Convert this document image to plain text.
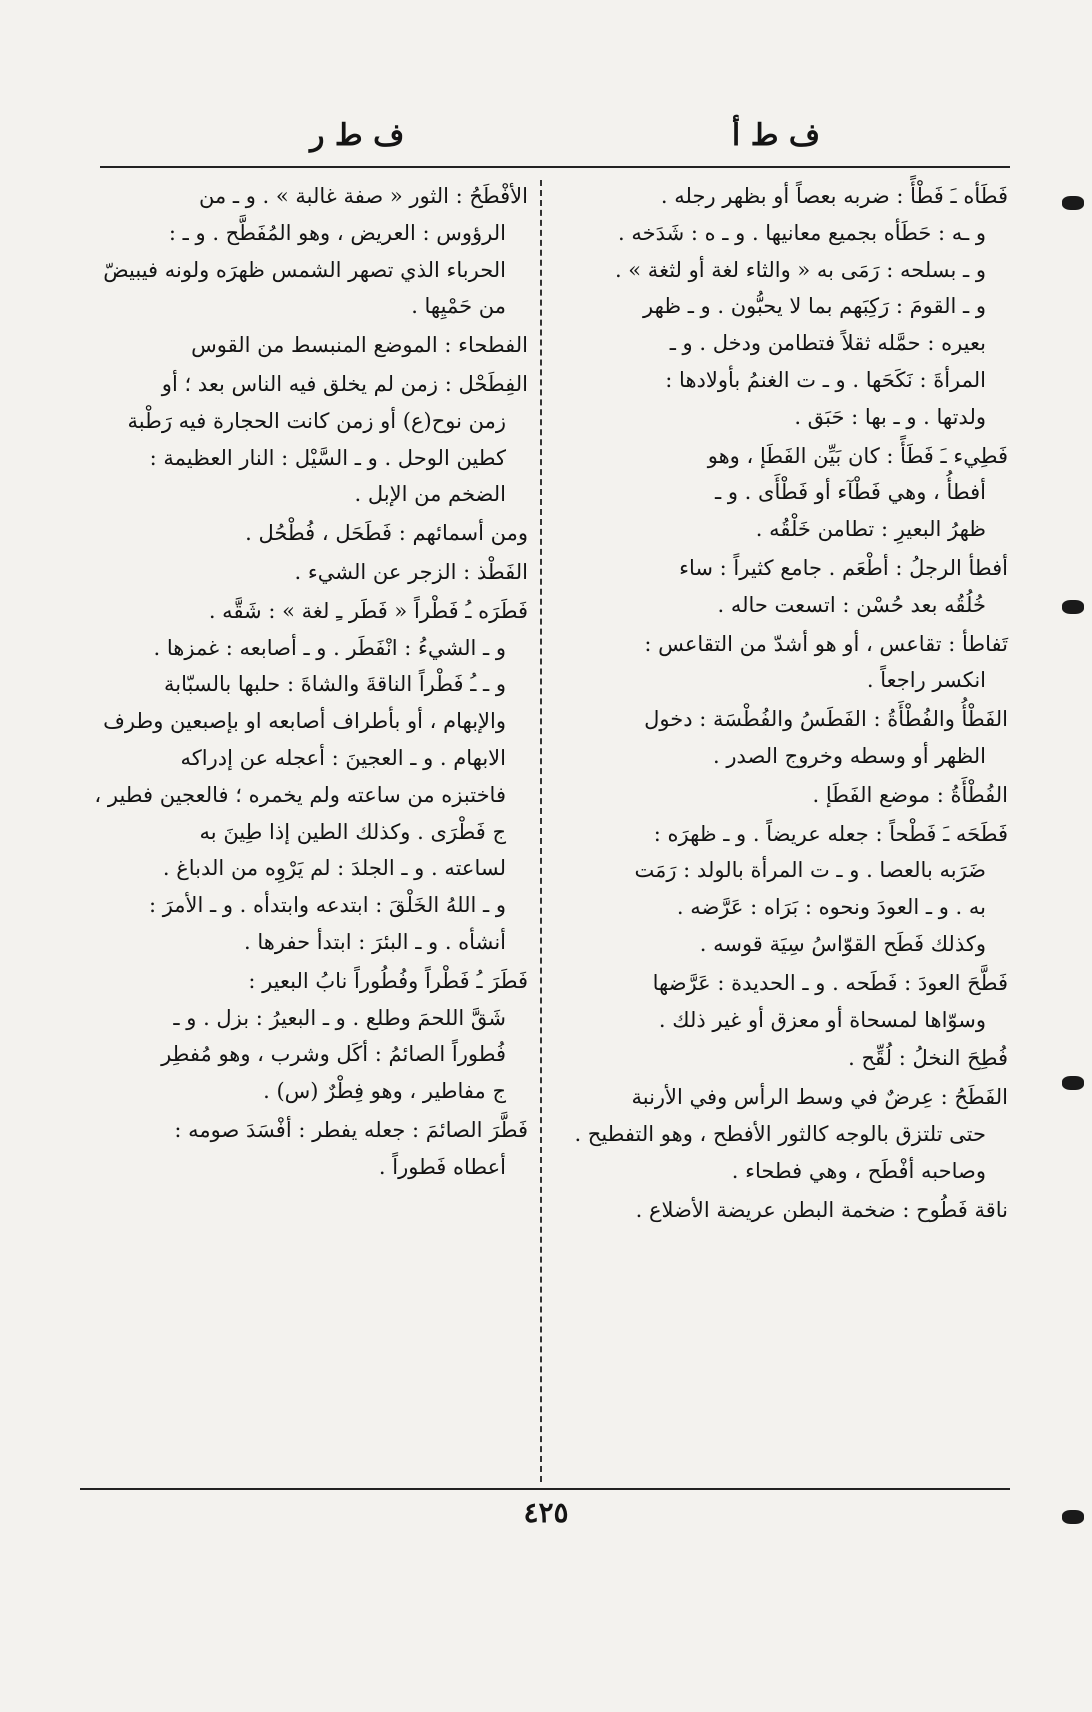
ف ط أ
ف ط ر
فَطَأه ـَ فَطْأً : ضربه بعصاً أو بظهر رجله .
و ـه : حَطَأه بجميع معانيها . و ـ ه : شَدَخه .
و ـ بسلحه : رَمَى به « والثاء لغة أو لثغة » .
و ـ القومَ : رَكِبَهم بما لا يحبُّون . و ـ ظهر
بعيره : حمَّله ثقلاً فتطامن ودخل . و ـ
المرأةَ : نَكَحَها . و ـ ت الغنمُ بأولادها :
ولدتها . و ـ بها : حَبَق .
فَطِيء ـَ فَطَأً : كان بَيِّن الفَطَإ ، وهو
أفطأُ ، وهي فَطْآء أو فَطْأَى . و ـ
ظهرُ البعيرِ : تطامن خَلْقُه .
أفطأ الرجلُ : أطْعَم . جامع كثيراً : ساء
خُلُقُه بعد حُسْن : اتسعت حاله .
تَفاطأ : تقاعس ، أو هو أشدّ من التقاعس :
انكسر راجعاً .
الفَطْأُ والفُطْأَةُ : الفَطَسُ والفُطْسَة : دخول
الظهر أو وسطه وخروج الصدر .
الفُطْأَةُ : موضع الفَطَإ .
فَطَحَه ـَ فَطْحاً : جعله عريضاً . و ـ ظهرَه :
ضَرَبه بالعصا . و ـ ت المرأة بالولد : رَمَت
به . و ـ العودَ ونحوه : بَرَاه : عَرَّضه .
وكذلك فَطَح القوّاسُ سِيَة قوسه .
فَطَّحَ العودَ : فَطَحه . و ـ الحديدة : عَرَّضها
وسوّاها لمسحاة أو معزق أو غير ذلك .
فُطِحَ النخلُ : لُقِّح .
الفَطَحُ : عِرضٌ في وسط الرأس وفي الأرنبة
حتى تلتزق بالوجه كالثور الأفطح ، وهو التفطيح .
وصاحبه أفْطَح ، وهي فطحاء .
ناقة فَطُوح : ضخمة البطن عريضة الأضلاع .
الأفْطَحُ : الثور « صفة غالبة » . و ـ من
الرؤوس : العريض ، وهو المُفَطَّح . و ـ :
الحرباء الذي تصهر الشمس ظهرَه ولونه فيبيضّ
من حَمْيِها .
الفطحاء : الموضع المنبسط من القوس
الفِطَحْل : زمن لم يخلق فيه الناس بعد ؛ أو
زمن نوح(ع) أو زمن كانت الحجارة فيه رَطْبة
كطين الوحل . و ـ السَّيْل : النار العظيمة :
الضخم من الإبل .
ومن أسمائهم : فَطَحَل ، فُطْحُل .
الفَطْذ : الزجر عن الشيء .
فَطَرَه ـُ فَطْراً « فَطَر ـِ لغة » : شَقَّه .
و ـ الشيءُ : انْفَطَر . و ـ أصابعه : غمزها .
و ـ ـُ فَطْراً الناقةَ والشاةَ : حلبها بالسبّابة
والإبهام ، أو بأطراف أصابعه او بإصبعين وطرف
الابهام . و ـ العجينَ : أعجله عن إدراكه
فاختبزه من ساعته ولم يخمره ؛ فالعجين فطير ،
ج فَطْرَى . وكذلك الطين إذا طِينَ به
لساعته . و ـ الجلدَ : لم يَرْوِه من الدباغ .
و ـ اللهُ الخَلْقَ : ابتدعه وابتدأه . و ـ الأمرَ :
أنشأه . و ـ البئرَ : ابتدأ حفرها .
فَطَرَ ـُ فَطْراً وفُطُوراً نابُ البعير :
شَقَّ اللحمَ وطلع . و ـ البعيرُ : بزل . و ـ
فُطوراً الصائمُ : أكَل وشرب ، وهو مُفطِر
ج مفاطير ، وهو فِطْرٌ (س) .
فَطَّرَ الصائمَ : جعله يفطر : أفْسَدَ صومه :
أعطاه فَطوراً .
٤٢٥
